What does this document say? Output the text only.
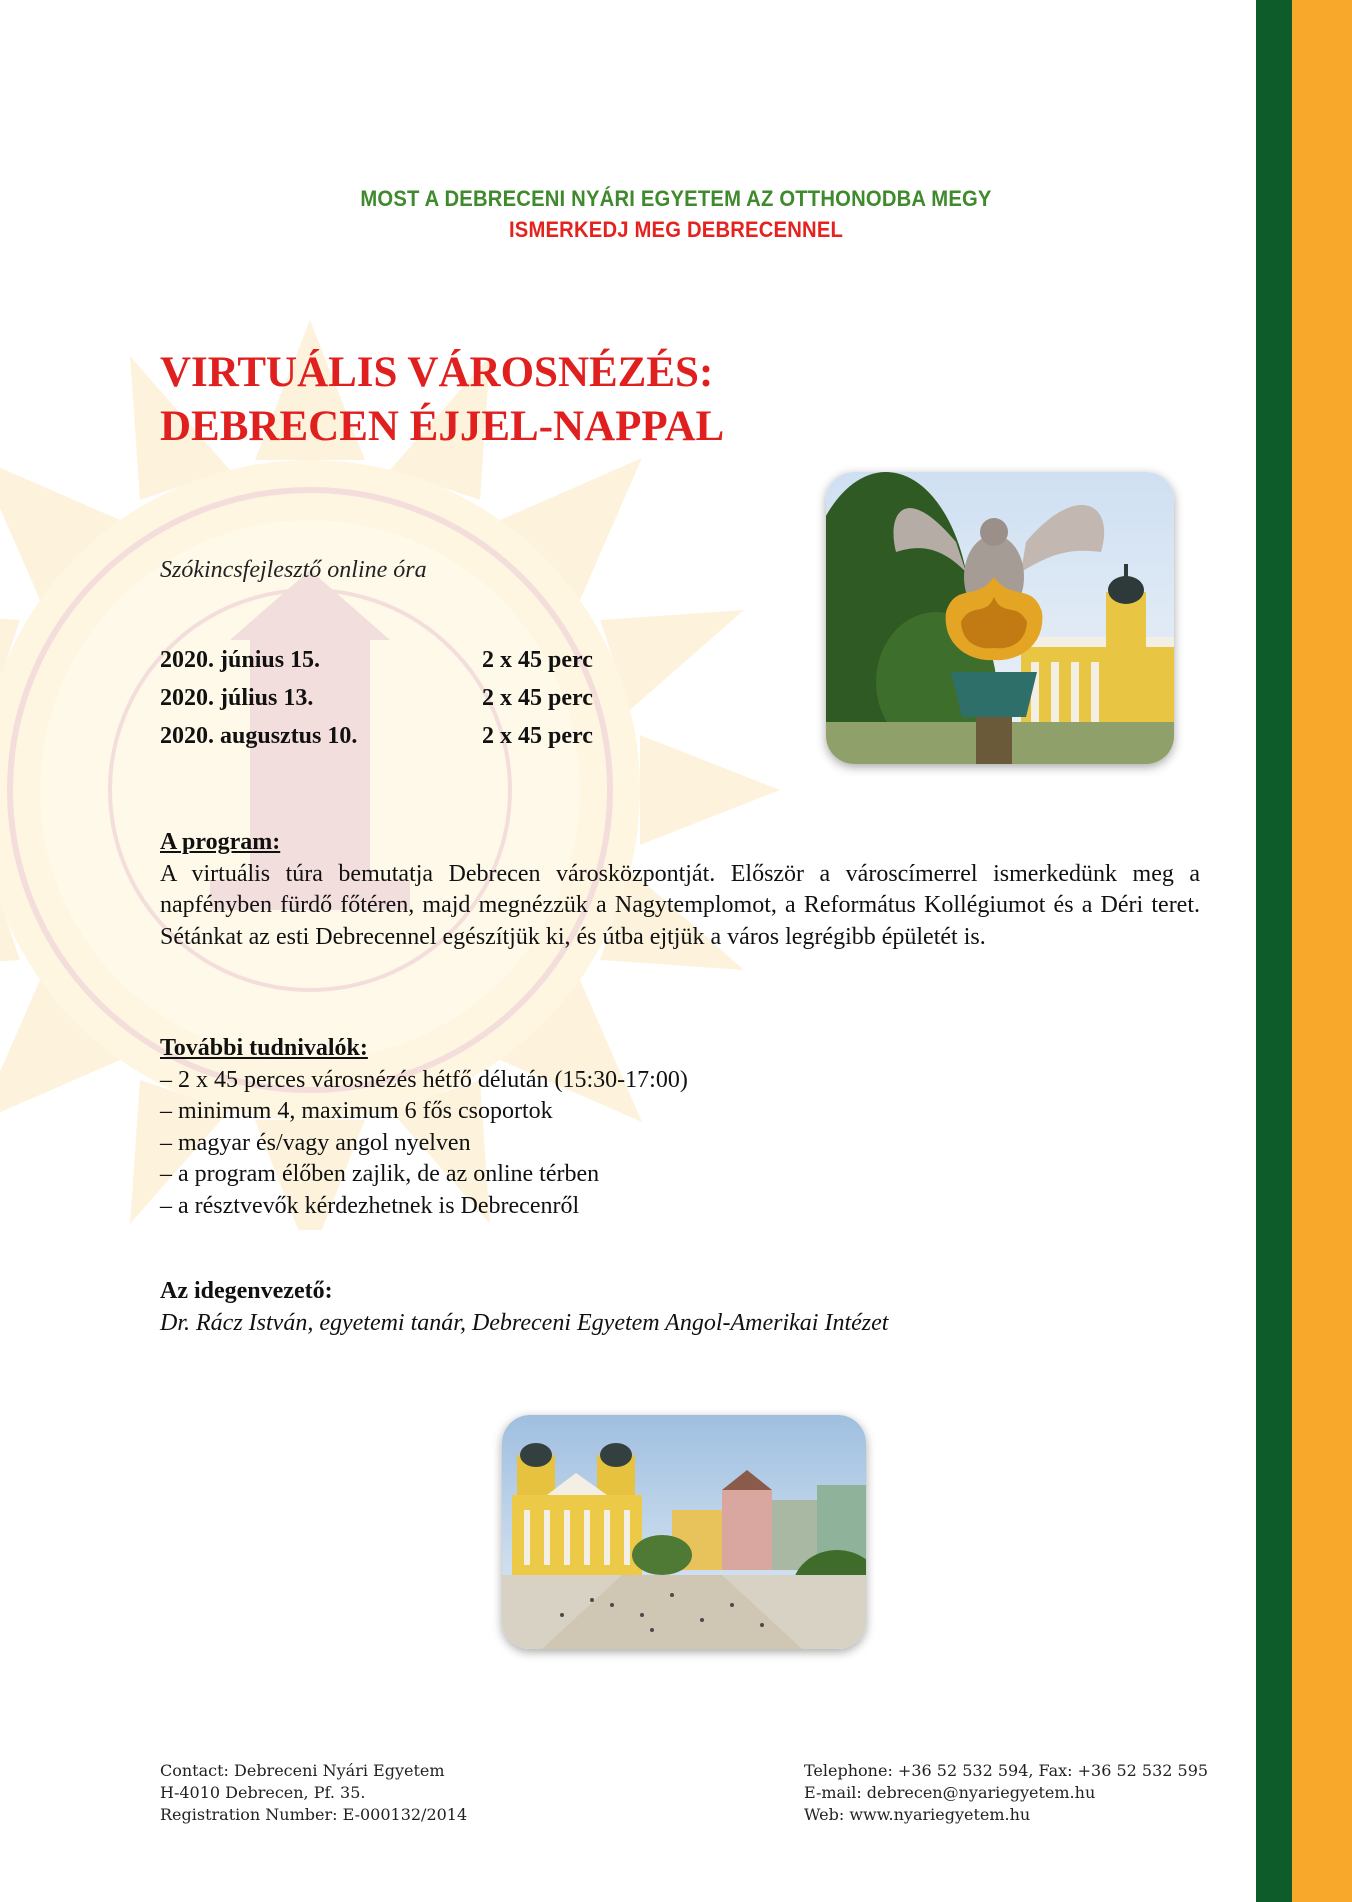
MOST A DEBRECENI NYÁRI EGYETEM AZ OTTHONODBA MEGY
ISMERKEDJ MEG DEBRECENNEL
VIRTUÁLIS VÁROSNÉZÉS:
DEBRECEN ÉJJEL-NAPPAL
Szókincsfejlesztő online óra
2020. június 15.	2 x 45 perc
2020. július 13.	2 x 45 perc
2020. augusztus 10.	2 x 45 perc
A program:
A virtuális túra bemutatja Debrecen városközpontját. Először a városcímerrel ismerkedünk meg a napfényben fürdő főtéren, majd megnézzük a Nagytemplomot, a Református Kollégiumot és a Déri teret. Sétánkat az esti Debrecennel egészítjük ki, és útba ejtjük a város legrégibb épületét is.
További tudnivalók:
– 2 x 45 perces városnézés hétfő délután (15:30-17:00)
– minimum 4, maximum 6 fős csoportok
– magyar és/vagy angol nyelven
– a program élőben zajlik, de az online térben
– a résztvevők kérdezhetnek is Debrecenről
Az idegenvezető:
Dr. Rácz István, egyetemi tanár, Debreceni Egyetem Angol-Amerikai Intézet
Contact: Debreceni Nyári Egyetem
H-4010 Debrecen, Pf. 35.
Registration Number: E-000132/2014
Telephone: +36 52 532 594, Fax: +36 52 532 595
E-mail: debrecen@nyariegyetem.hu
Web: www.nyariegyetem.hu
